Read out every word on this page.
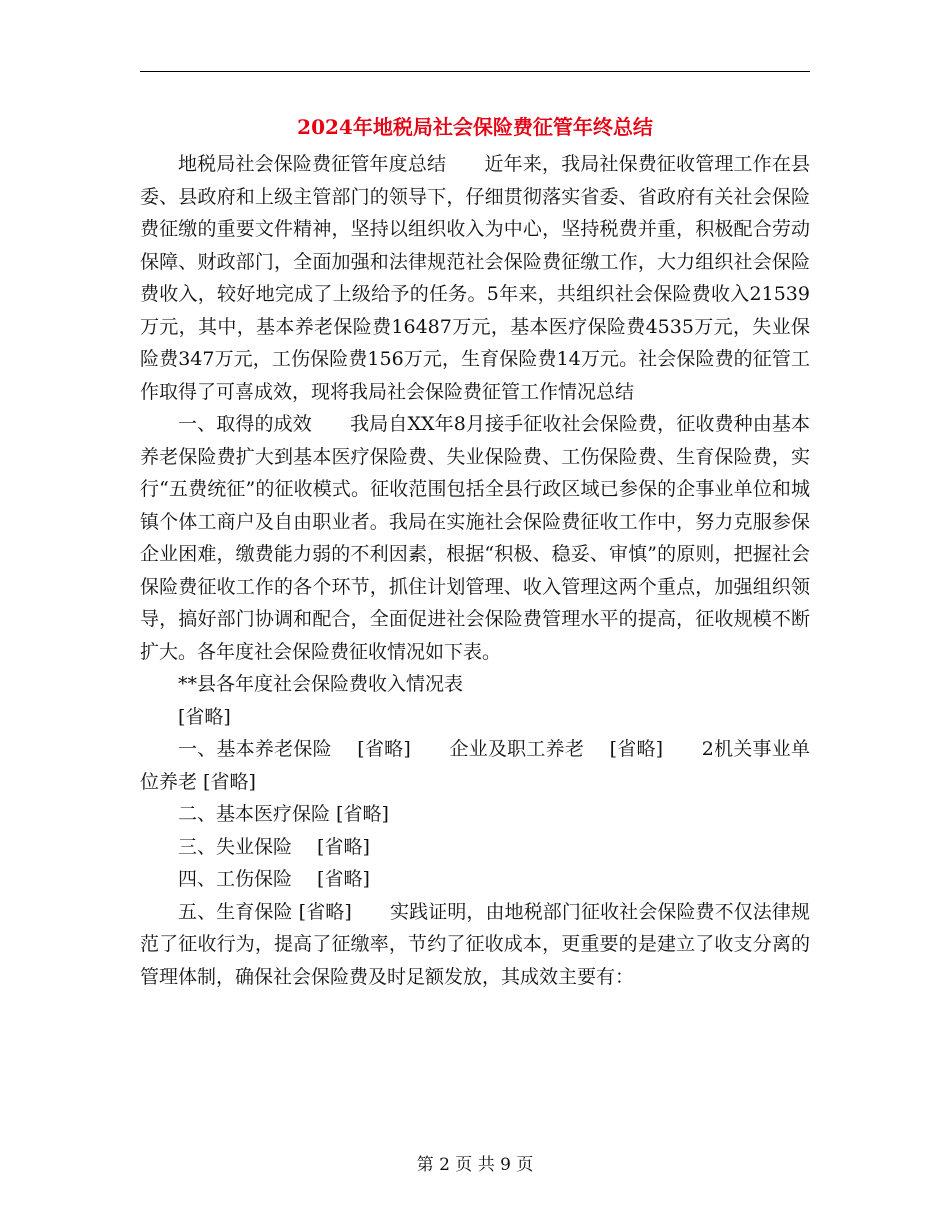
2024年地税局社会保险费征管年终总结

地税局社会保险费征管年度总结　　近年来，我局社保费征收管理工作在县委、县政府和上级主管部门的领导下，仔细贯彻落实省委、省政府有关社会保险费征缴的重要文件精神，坚持以组织收入为中心，坚持税费并重，积极配合劳动保障、财政部门，全面加强和法律规范社会保险费征缴工作，大力组织社会保险费收入，较好地完成了上级给予的任务。5年来，共组织社会保险费收入21539万元，其中，基本养老保险费16487万元，基本医疗保险费4535万元，失业保险费347万元，工伤保险费156万元，生育保险费14万元。社会保险费的征管工作取得了可喜成效，现将我局社会保险费征管工作情况总结

一、取得的成效　　我局自XX年8月接手征收社会保险费，征收费种由基本养老保险费扩大到基本医疗保险费、失业保险费、工伤保险费、生育保险费，实行“五费统征”的征收模式。征收范围包括全县行政区域已参保的企事业单位和城镇个体工商户及自由职业者。我局在实施社会保险费征收工作中，努力克服参保企业困难，缴费能力弱的不利因素，根据“积极、稳妥、审慎”的原则，把握社会保险费征收工作的各个环节，抓住计划管理、收入管理这两个重点，加强组织领导，搞好部门协调和配合，全面促进社会保险费管理水平的提高，征收规模不断扩大。各年度社会保险费征收情况如下表。

**县各年度社会保险费收入情况表

[省略]

一、基本养老保险　 [省略]　　企业及职工养老　 [省略]　　2机关事业单位养老 [省略]

二、基本医疗保险 [省略]

三、失业保险　 [省略]

四、工伤保险　 [省略]

五、生育保险 [省略]　　实践证明，由地税部门征收社会保险费不仅法律规范了征收行为，提高了征缴率，节约了征收成本，更重要的是建立了收支分离的管理体制，确保社会保险费及时足额发放，其成效主要有：

第 2 页 共 9 页
